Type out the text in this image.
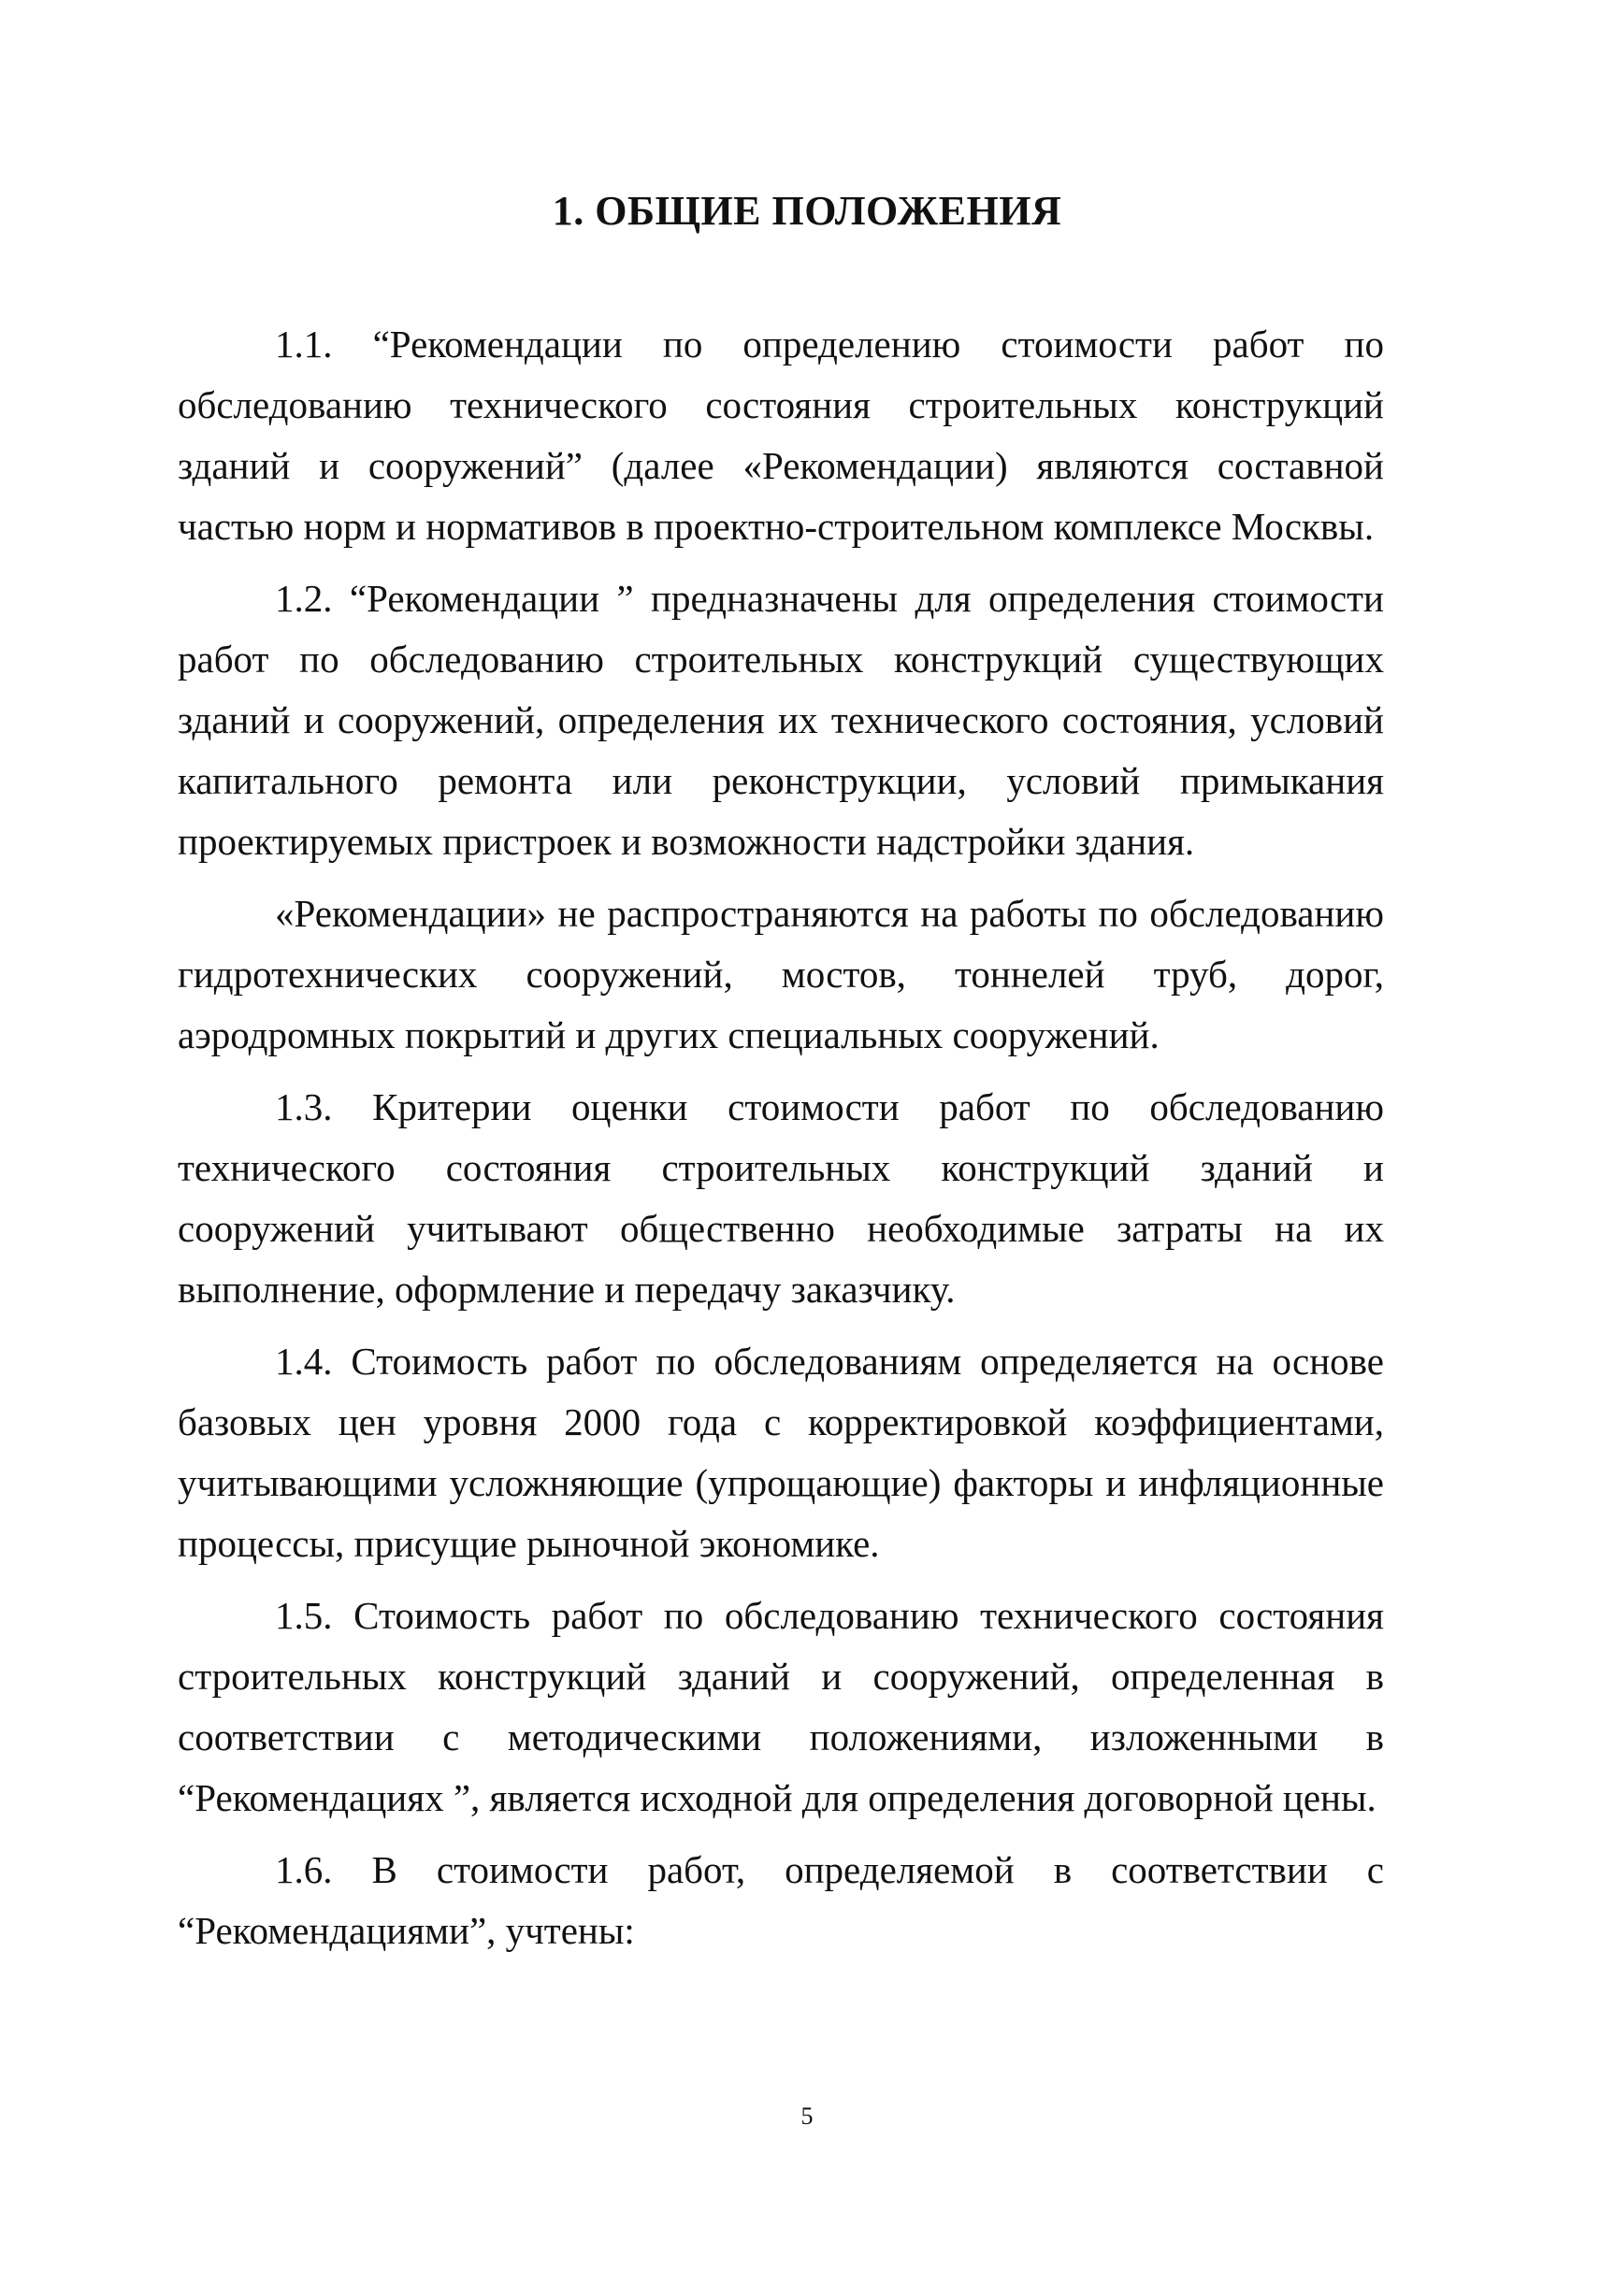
1. ОБЩИЕ ПОЛОЖЕНИЯ

1.1. “Рекомендации по определению стоимости работ по обследованию технического состояния строительных конструкций зданий и сооружений” (далее «Рекомендации) являются составной частью норм и нормативов в проектно-строительном комплексе Москвы.

1.2. “Рекомендации ” предназначены для определения стоимости работ по обследованию строительных конструкций существующих зданий и сооружений, определения их технического состояния, условий капитального ремонта или реконструкции, условий примыкания проектируемых пристроек и возможности надстройки здания.

«Рекомендации» не распространяются на работы по обследованию гидротехнических сооружений, мостов, тоннелей труб, дорог, аэродромных покрытий и других специальных сооружений.

1.3. Критерии оценки стоимости работ по обследованию технического состояния строительных конструкций зданий и сооружений учитывают общественно необходимые затраты на их выполнение, оформление и передачу заказчику.

1.4. Стоимость работ по обследованиям определяется на основе базовых цен уровня 2000 года с корректировкой коэффициентами, учитывающими усложняющие (упрощающие) факторы и инфляционные процессы, присущие рыночной экономике.

1.5. Стоимость работ по обследованию технического состояния строительных конструкций зданий и сооружений, определенная в соответствии с методическими положениями, изложенными в “Рекомендациях ”, является исходной для определения договорной цены.

1.6. В стоимости работ, определяемой в соответствии с “Рекомендациями”, учтены:

5
